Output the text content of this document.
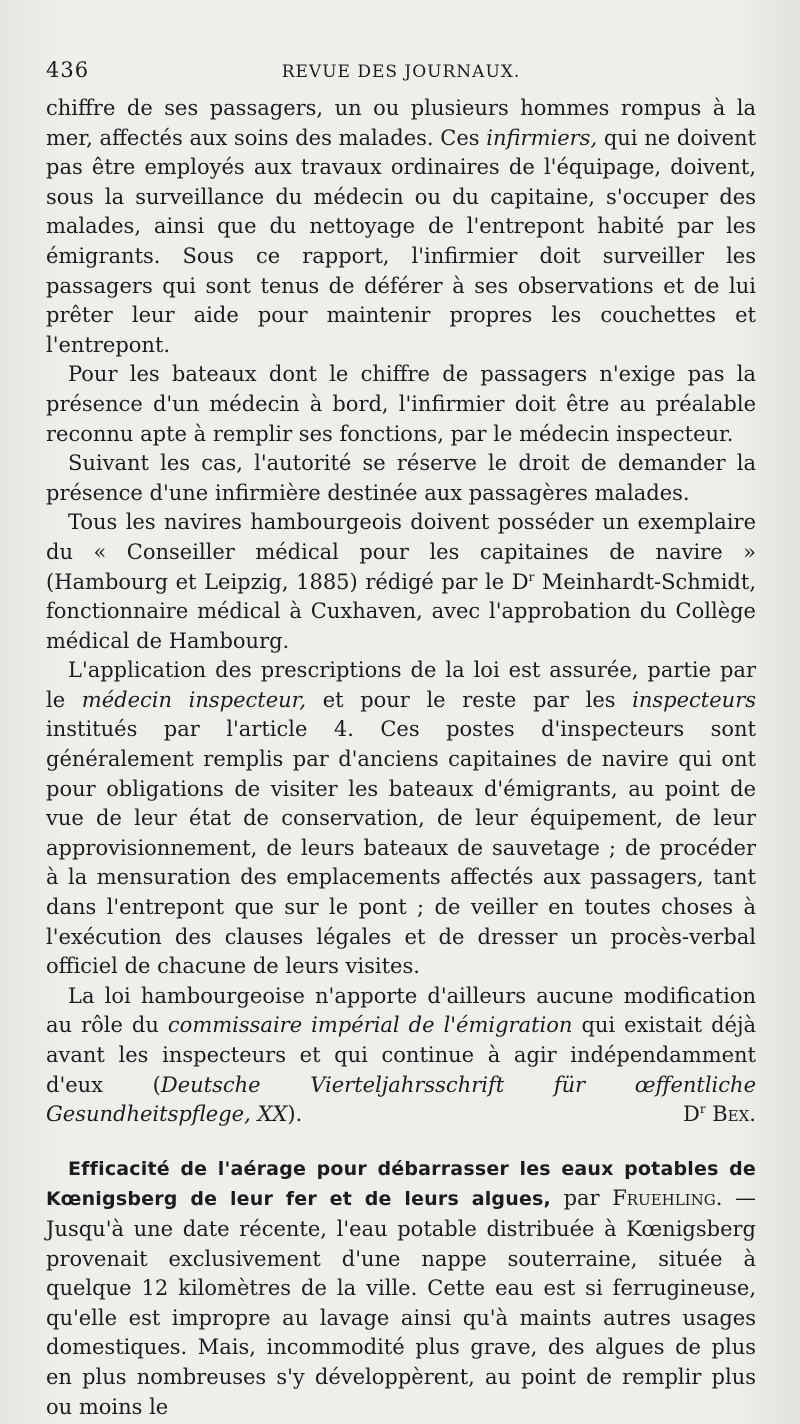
436	REVUE DES JOURNAUX.

chiffre de ses passagers, un ou plusieurs hommes rompus à la mer, affectés aux soins des malades. Ces infirmiers, qui ne doivent pas être employés aux travaux ordinaires de l'équipage, doivent, sous la surveillance du médecin ou du capitaine, s'occuper des malades, ainsi que du nettoyage de l'entrepont habité par les émigrants. Sous ce rapport, l'infirmier doit surveiller les passagers qui sont tenus de déférer à ses observations et de lui prêter leur aide pour maintenir propres les couchettes et l'entrepont.

Pour les bateaux dont le chiffre de passagers n'exige pas la présence d'un médecin à bord, l'infirmier doit être au préalable reconnu apte à remplir ses fonctions, par le médecin inspecteur.

Suivant les cas, l'autorité se réserve le droit de demander la présence d'une infirmière destinée aux passagères malades.

Tous les navires hambourgeois doivent posséder un exemplaire du « Conseiller médical pour les capitaines de navire » (Hambourg et Leipzig, 1885) rédigé par le $D^r$ Meinhardt-Schmidt, fonctionnaire médical à Cuxhaven, avec l'approbation du Collège médical de Hambourg.

L'application des prescriptions de la loi est assurée, partie par le médecin inspecteur, et pour le reste par les inspecteurs institués par l'article 4. Ces postes d'inspecteurs sont généralement remplis par d'anciens capitaines de navire qui ont pour obligations de visiter les bateaux d'émigrants, au point de vue de leur état de conservation, de leur équipement, de leur approvisionnement, de leurs bateaux de sauvetage ; de procéder à la mensuration des emplacements affectés aux passagers, tant dans l'entrepont que sur le pont ; de veiller en toutes choses à l'exécution des clauses légales et de dresser un procès-verbal officiel de chacune de leurs visites.

La loi hambourgeoise n'apporte d'ailleurs aucune modification au rôle du commissaire impérial de l'émigration qui existait déjà avant les inspecteurs et qui continue à agir indépendamment d'eux (Deutsche Vierteljahrsschrift für œffentliche Gesundheitspflege, XX).	$D^r$ Bex.

Efficacité de l'aérage pour débarrasser les eaux potables de Kœnigsberg de leur fer et de leurs algues, par Fruehling. — Jusqu'à une date récente, l'eau potable distribuée à Kœnigsberg provenait exclusivement d'une nappe souterraine, située à quelque 12 kilomètres de la ville. Cette eau est si ferrugineuse, qu'elle est impropre au lavage ainsi qu'à maints autres usages domestiques. Mais, incommodité plus grave, des algues de plus en plus nombreuses s'y développèrent, au point de remplir plus ou moins le
